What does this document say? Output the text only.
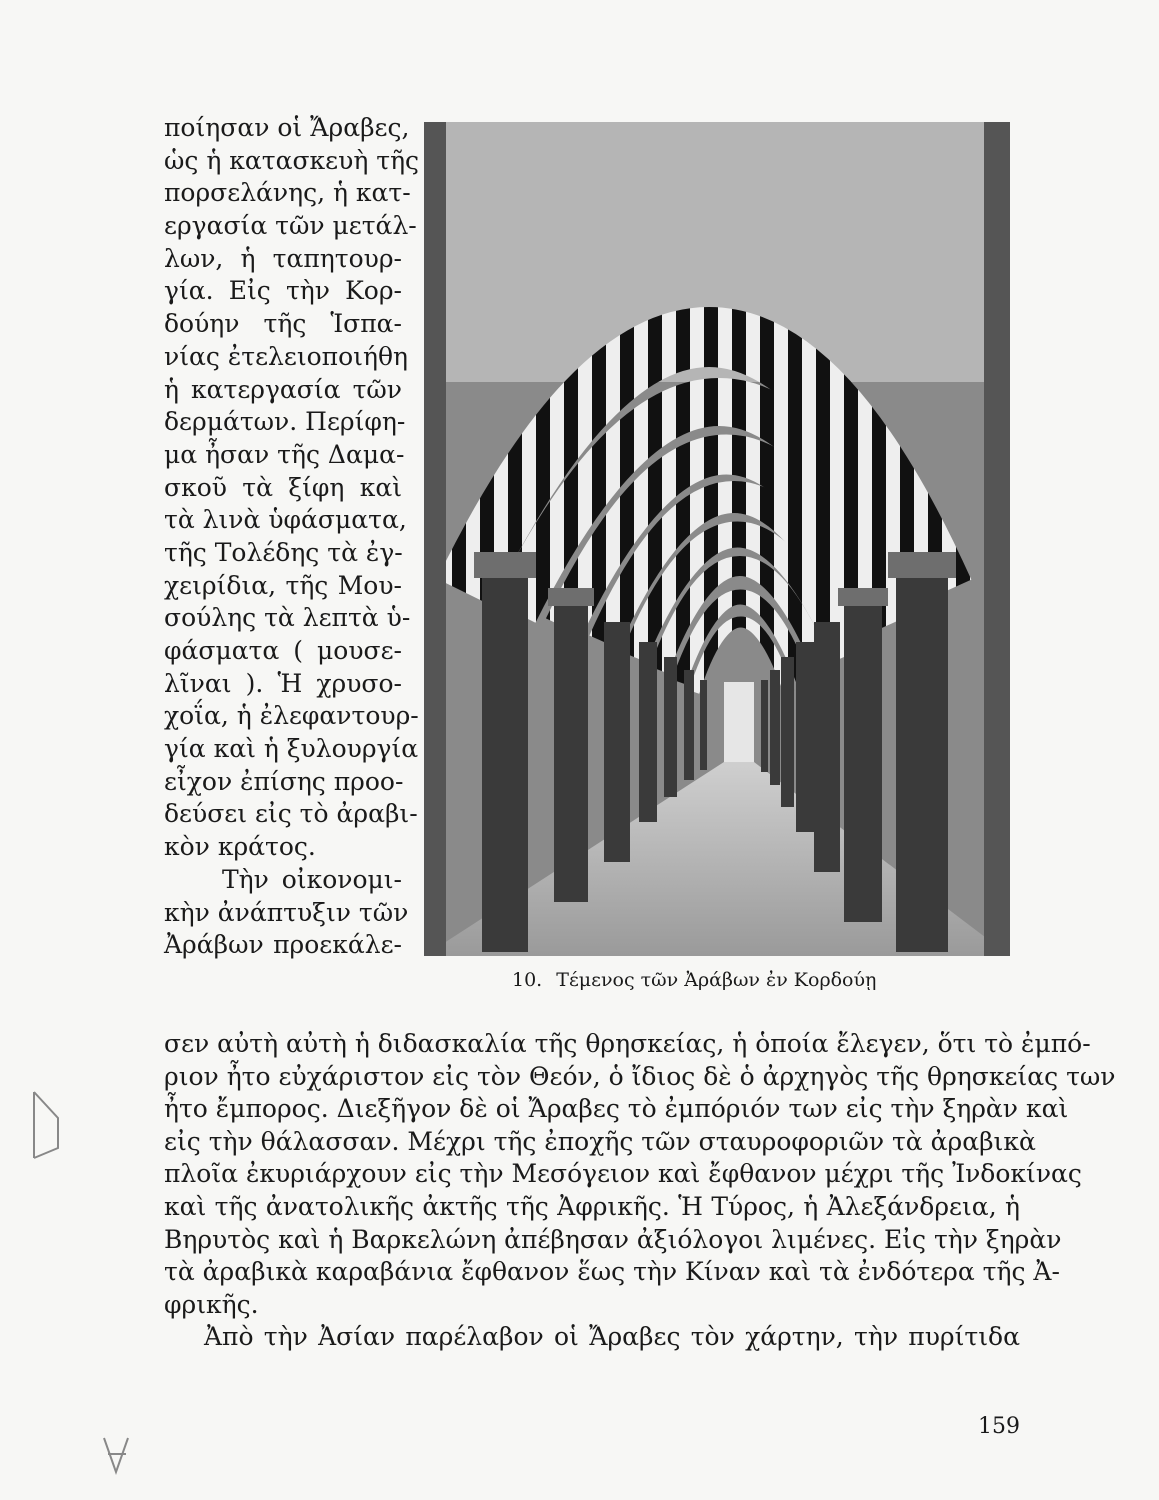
ποίησαν οἱ Ἄραβες,
ὡς ἡ κατασκευὴ τῆς
πορσελάνης, ἡ κατ-
εργασία τῶν μετάλ-
λων, ἡ ταπητουρ-
γία. Εἰς τὴν Κορ-
δούην τῆς Ἱσπα-
νίας ἐτελειοποιήθη
ἡ κατεργασία τῶν
δερμάτων. Περίφη-
μα ἦσαν τῆς Δαμα-
σκοῦ τὰ ξίφη καὶ
τὰ λινὰ ὑφάσματα,
τῆς Τολέδης τὰ ἐγ-
χειρίδια, τῆς Μου-
σούλης τὰ λεπτὰ ὑ-
φάσματα ( μουσε-
λῖναι ). Ἡ χρυσο-
χοΐα, ἡ ἐλεφαντουρ-
γία καὶ ἡ ξυλουργία
εἶχον ἐπίσης προο-
δεύσει εἰς τὸ ἀραβι-
κὸν κράτος.
Τὴν οἰκονομι-
κὴν ἀνάπτυξιν τῶν
Ἀράβων προεκάλε-
10. Τέμενος τῶν Ἀράβων ἐν Κορδούῃ
σεν αὐτὴ αὐτὴ ἡ διδασκαλία τῆς θρησκείας, ἡ ὁποία ἔλεγεν, ὅτι τὸ ἐμπό-
ριον ἦτο εὐχάριστον εἰς τὸν Θεόν, ὁ ἴδιος δὲ ὁ ἀρχηγὸς τῆς θρησκείας των
ἦτο ἔμπορος. Διεξῆγον δὲ οἱ Ἄραβες τὸ ἐμπόριόν των εἰς τὴν ξηρὰν καὶ
εἰς τὴν θάλασσαν. Μέχρι τῆς ἐποχῆς τῶν σταυροφοριῶν τὰ ἀραβικὰ
πλοῖα ἐκυριάρχουν εἰς τὴν Μεσόγειον καὶ ἔφθανον μέχρι τῆς Ἰνδοκίνας
καὶ τῆς ἀνατολικῆς ἀκτῆς τῆς Ἀφρικῆς. Ἡ Τύρος, ἡ Ἀλεξάνδρεια, ἡ
Βηρυτὸς καὶ ἡ Βαρκελώνη ἀπέβησαν ἀξιόλογοι λιμένες. Εἰς τὴν ξηρὰν
τὰ ἀραβικὰ καραβάνια ἔφθανον ἕως τὴν Κίναν καὶ τὰ ἐνδότερα τῆς Ἀ-
φρικῆς.
Ἀπὸ τὴν Ἀσίαν παρέλαβον οἱ Ἄραβες τὸν χάρτην, τὴν πυρίτιδα
159
